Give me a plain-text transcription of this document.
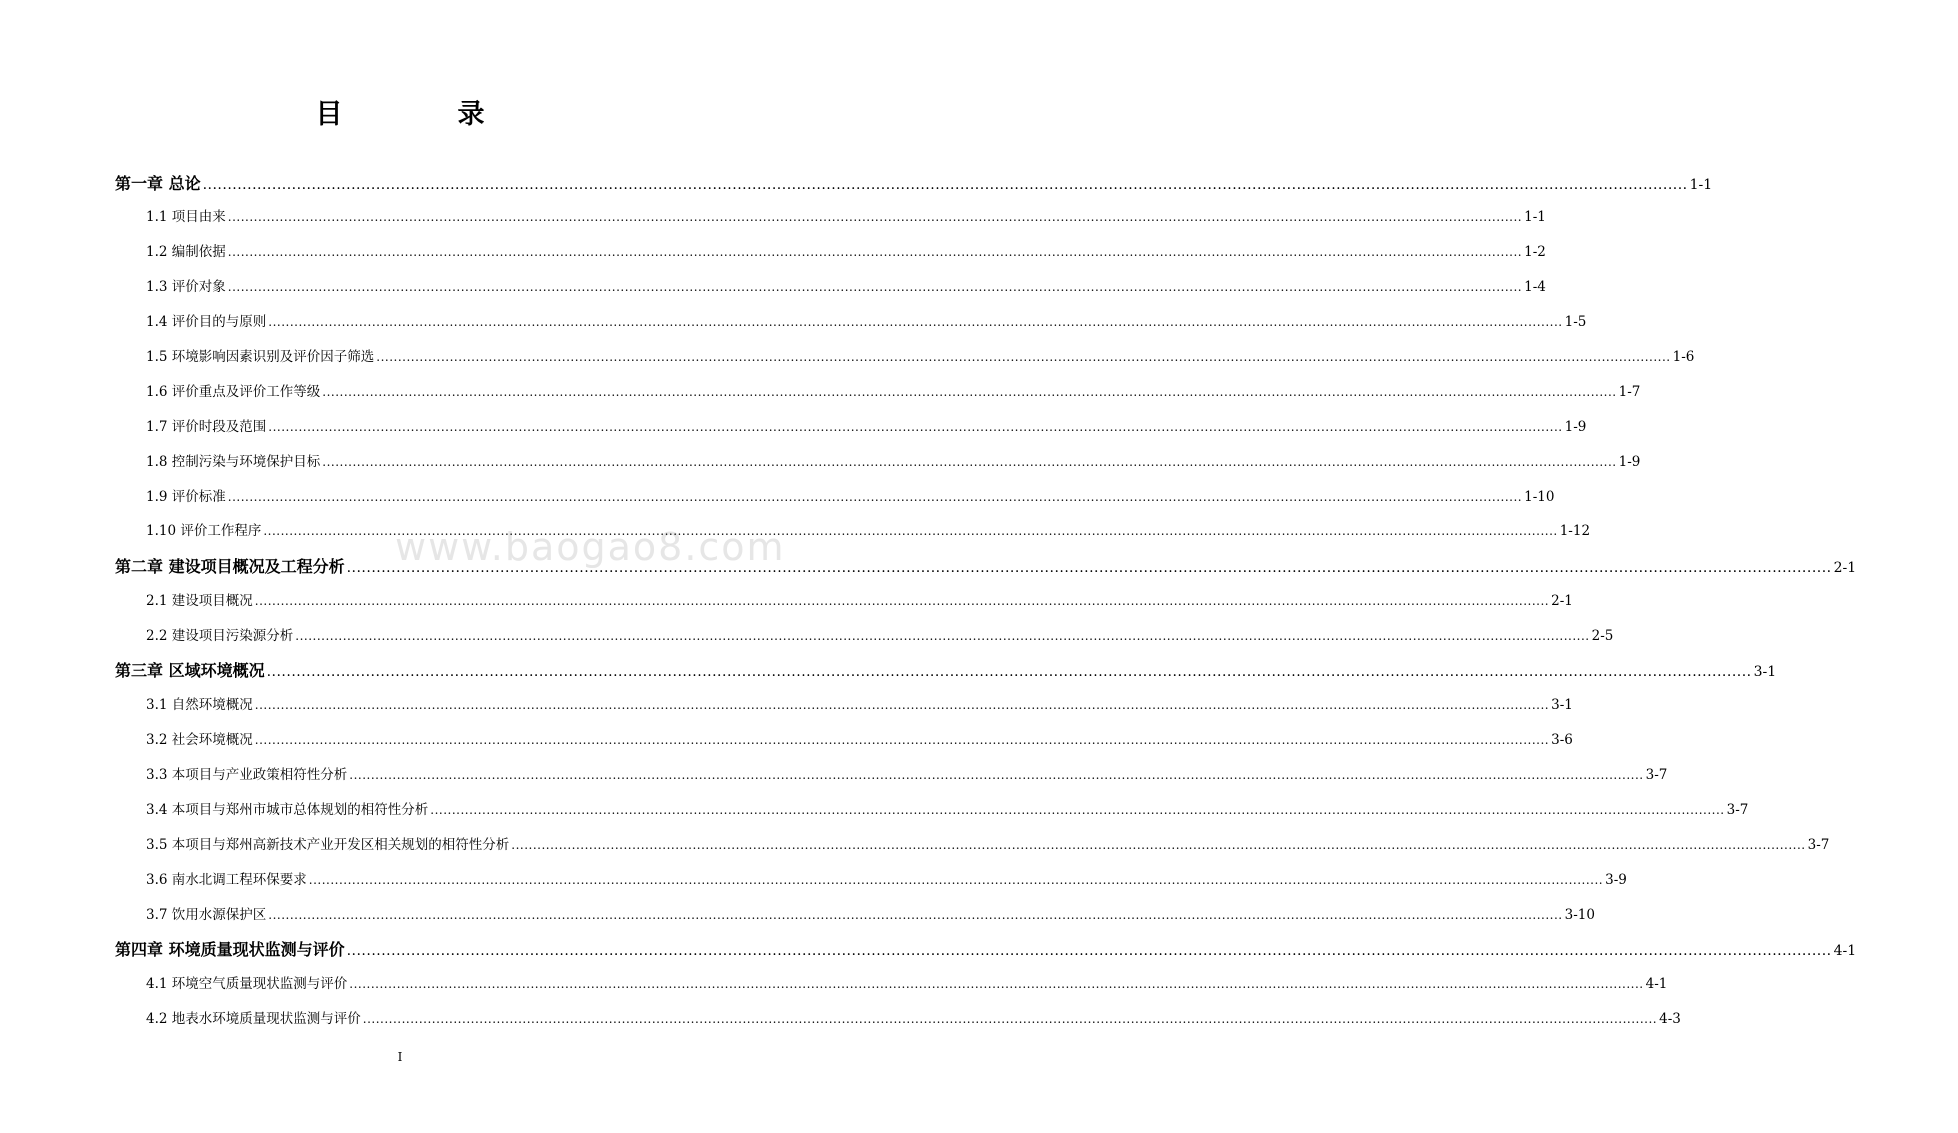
目　录
www.baogao8.com
第一章 总论 ............................................................................................................................................................................................................................................................................................................ 1-1
1.1 项目由来 ............................................................................................................................................................................................................................................................................................................ 1-1
1.2 编制依据 ............................................................................................................................................................................................................................................................................................................ 1-2
1.3 评价对象 ............................................................................................................................................................................................................................................................................................................ 1-4
1.4 评价目的与原则 ............................................................................................................................................................................................................................................................................................................ 1-5
1.5 环境影响因素识别及评价因子筛选 ............................................................................................................................................................................................................................................................................................................ 1-6
1.6 评价重点及评价工作等级 ............................................................................................................................................................................................................................................................................................................ 1-7
1.7 评价时段及范围 ............................................................................................................................................................................................................................................................................................................ 1-9
1.8 控制污染与环境保护目标 ............................................................................................................................................................................................................................................................................................................ 1-9
1.9 评价标准 ............................................................................................................................................................................................................................................................................................................ 1-10
1.10 评价工作程序 ............................................................................................................................................................................................................................................................................................................ 1-12
第二章 建设项目概况及工程分析 ............................................................................................................................................................................................................................................................................................................ 2-1
2.1 建设项目概况 ............................................................................................................................................................................................................................................................................................................ 2-1
2.2 建设项目污染源分析 ............................................................................................................................................................................................................................................................................................................ 2-5
第三章 区域环境概况 ............................................................................................................................................................................................................................................................................................................ 3-1
3.1 自然环境概况 ............................................................................................................................................................................................................................................................................................................ 3-1
3.2 社会环境概况 ............................................................................................................................................................................................................................................................................................................ 3-6
3.3 本项目与产业政策相符性分析 ............................................................................................................................................................................................................................................................................................................ 3-7
3.4 本项目与郑州市城市总体规划的相符性分析 ............................................................................................................................................................................................................................................................................................................ 3-7
3.5 本项目与郑州高新技术产业开发区相关规划的相符性分析 ............................................................................................................................................................................................................................................................................................................ 3-7
3.6 南水北调工程环保要求 ............................................................................................................................................................................................................................................................................................................ 3-9
3.7 饮用水源保护区 ............................................................................................................................................................................................................................................................................................................ 3-10
第四章 环境质量现状监测与评价 ............................................................................................................................................................................................................................................................................................................ 4-1
4.1 环境空气质量现状监测与评价 ............................................................................................................................................................................................................................................................................................................ 4-1
4.2 地表水环境质量现状监测与评价 ............................................................................................................................................................................................................................................................................................................ 4-3
I
